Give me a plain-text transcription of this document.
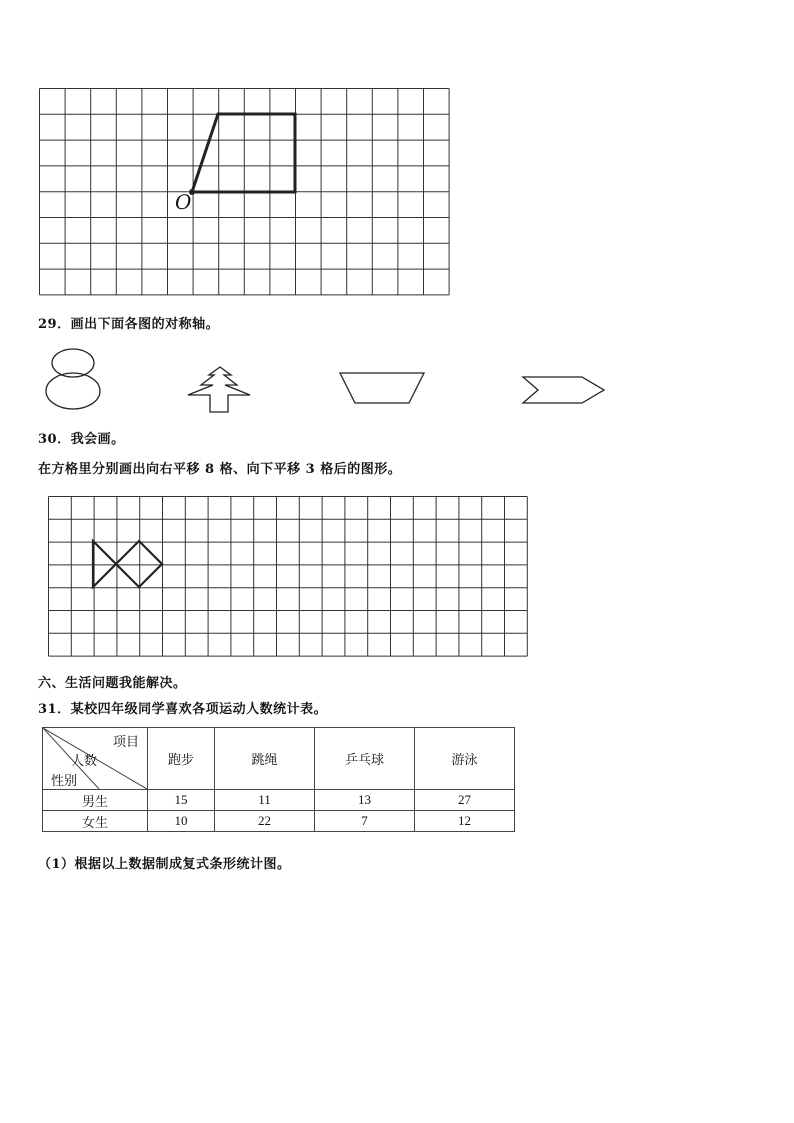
O
29．画出下面各图的对称轴。
30．我会画。
在方格里分别画出向右平移 8 格、向下平移 3 格后的图形。
六、生活问题我能解决。
31．某校四年级同学喜欢各项运动人数统计表。
项目
人数
性别	跑步	跳绳	乒乓球	游泳
男生	15	11	13	27
女生	10	22	7	12
（1）根据以上数据制成复式条形统计图。
